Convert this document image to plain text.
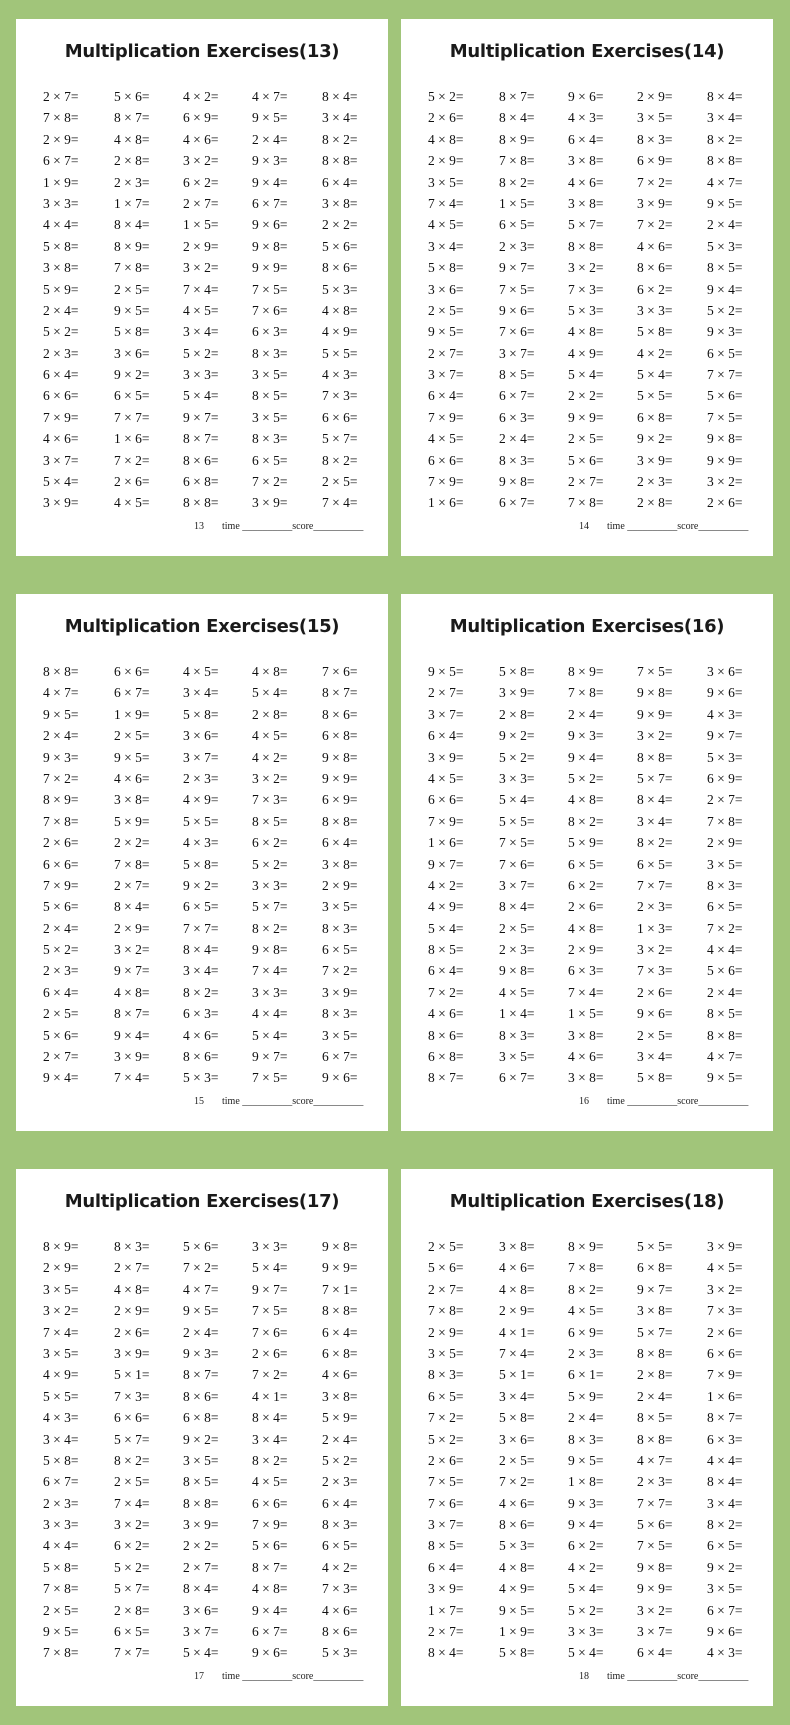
Multiplication Exercises(13)
2 × 7=	5 × 6= 4 × 2= 4 × 7=	8 × 4=
7 × 8=	8 × 7= 6 × 9= 9 × 5=	3 × 4=
2 × 9=	4 × 8= 4 × 6= 2 × 4=	8 × 2=
6 × 7=	2 × 8= 3 × 2= 9 × 3=	8 × 8=
1 × 9=	2 × 3= 6 × 2= 9 × 4=	6 × 4=
3 × 3=	1 × 7= 2 × 7= 6 × 7=	3 × 8=
4 × 4=	8 × 4= 1 × 5= 9 × 6=	2 × 2=
5 × 8=	8 × 9= 2 × 9= 9 × 8=	5 × 6=
3 × 8=	7 × 8= 3 × 2= 9 × 9=	8 × 6=
5 × 9=	2 × 5= 7 × 4= 7 × 5=	5 × 3=
2 × 4=	9 × 5= 4 × 5= 7 × 6=	4 × 8=
5 × 2=	5 × 8= 3 × 4= 6 × 3=	4 × 9=
2 × 3=	3 × 6= 5 × 2= 8 × 3=	5 × 5=
6 × 4=	9 × 2= 3 × 3= 3 × 5=	4 × 3=
6 × 6=	6 × 5= 5 × 4= 8 × 5=	7 × 3=
7 × 9=	7 × 7= 9 × 7= 3 × 5=	6 × 6=
4 × 6=	1 × 6= 8 × 7= 8 × 3=	5 × 7=
3 × 7=	7 × 2= 8 × 6= 6 × 5=	8 × 2=
5 × 4=	2 × 6= 6 × 8= 7 × 2=	2 × 5=
3 × 9=	4 × 5= 8 × 8= 3 × 9=	7 × 4=
13 time __________score__________
Multiplication Exercises(14)
5 × 2=	8 × 7= 9 × 6= 2 × 9=	8 × 4=
2 × 6=	8 × 4= 4 × 3= 3 × 5=	3 × 4=
4 × 8=	8 × 9= 6 × 4= 8 × 3=	8 × 2=
2 × 9=	7 × 8= 3 × 8= 6 × 9=	8 × 8=
3 × 5=	8 × 2= 4 × 6= 7 × 2=	4 × 7=
7 × 4=	1 × 5= 3 × 8= 3 × 9=	9 × 5=
4 × 5=	6 × 5= 5 × 7= 7 × 2=	2 × 4=
3 × 4=	2 × 3= 8 × 8= 4 × 6=	5 × 3=
5 × 8=	9 × 7= 3 × 2= 8 × 6=	8 × 5=
3 × 6=	7 × 5= 7 × 3= 6 × 2=	9 × 4=
2 × 5=	9 × 6= 5 × 3= 3 × 3=	5 × 2=
9 × 5=	7 × 6= 4 × 8= 5 × 8=	9 × 3=
2 × 7=	3 × 7= 4 × 9= 4 × 2=	6 × 5=
3 × 7=	8 × 5= 5 × 4= 5 × 4=	7 × 7=
6 × 4=	6 × 7= 2 × 2= 5 × 5=	5 × 6=
7 × 9=	6 × 3= 9 × 9= 6 × 8=	7 × 5=
4 × 5=	2 × 4= 2 × 5= 9 × 2=	9 × 8=
6 × 6=	8 × 3= 5 × 6= 3 × 9=	9 × 9=
7 × 9=	9 × 8= 2 × 7= 2 × 3=	3 × 2=
1 × 6=	6 × 7= 7 × 8= 2 × 8=	2 × 6=
14 time __________score__________
Multiplication Exercises(15)
8 × 8=	6 × 6= 4 × 5= 4 × 8=	7 × 6=
4 × 7=	6 × 7= 3 × 4= 5 × 4=	8 × 7=
9 × 5=	1 × 9= 5 × 8= 2 × 8=	8 × 6=
2 × 4=	2 × 5= 3 × 6= 4 × 5=	6 × 8=
9 × 3=	9 × 5= 3 × 7= 4 × 2=	9 × 8=
7 × 2=	4 × 6= 2 × 3= 3 × 2=	9 × 9=
8 × 9=	3 × 8= 4 × 9= 7 × 3=	6 × 9=
7 × 8=	5 × 9= 5 × 5= 8 × 5=	8 × 8=
2 × 6=	2 × 2= 4 × 3= 6 × 2=	6 × 4=
6 × 6=	7 × 8= 5 × 8= 5 × 2=	3 × 8=
7 × 9=	2 × 7= 9 × 2= 3 × 3=	2 × 9=
5 × 6=	8 × 4= 6 × 5= 5 × 7=	3 × 5=
2 × 4=	2 × 9= 7 × 7= 8 × 2=	8 × 3=
5 × 2=	3 × 2= 8 × 4= 9 × 8=	6 × 5=
2 × 3=	9 × 7= 3 × 4= 7 × 4=	7 × 2=
6 × 4=	4 × 8= 8 × 2= 3 × 3=	3 × 9=
2 × 5=	8 × 7= 6 × 3= 4 × 4=	8 × 3=
5 × 6=	9 × 4= 4 × 6= 5 × 4=	3 × 5=
2 × 7=	3 × 9= 8 × 6= 9 × 7=	6 × 7=
9 × 4=	7 × 4= 5 × 3= 7 × 5=	9 × 6=
15 time __________score__________
Multiplication Exercises(16)
9 × 5=	5 × 8= 8 × 9= 7 × 5=	3 × 6=
2 × 7=	3 × 9= 7 × 8= 9 × 8=	9 × 6=
3 × 7=	2 × 8= 2 × 4= 9 × 9=	4 × 3=
6 × 4=	9 × 2= 9 × 3= 3 × 2=	9 × 7=
3 × 9=	5 × 2= 9 × 4= 8 × 8=	5 × 3=
4 × 5=	3 × 3= 5 × 2= 5 × 7=	6 × 9=
6 × 6=	5 × 4= 4 × 8= 8 × 4=	2 × 7=
7 × 9=	5 × 5= 8 × 2= 3 × 4=	7 × 8=
1 × 6=	7 × 5= 5 × 9= 8 × 2=	2 × 9=
9 × 7=	7 × 6= 6 × 5= 6 × 5=	3 × 5=
4 × 2=	3 × 7= 6 × 2= 7 × 7=	8 × 3=
4 × 9=	8 × 4= 2 × 6= 2 × 3=	6 × 5=
5 × 4=	2 × 5= 4 × 8= 1 × 3=	7 × 2=
8 × 5=	2 × 3= 2 × 9= 3 × 2=	4 × 4=
6 × 4=	9 × 8= 6 × 3= 7 × 3=	5 × 6=
7 × 2=	4 × 5= 7 × 4= 2 × 6=	2 × 4=
4 × 6=	1 × 4= 1 × 5= 9 × 6=	8 × 5=
8 × 6=	8 × 3= 3 × 8= 2 × 5=	8 × 8=
6 × 8=	3 × 5= 4 × 6= 3 × 4=	4 × 7=
8 × 7=	6 × 7= 3 × 8= 5 × 8=	9 × 5=
16 time __________score__________
Multiplication Exercises(17)
8 × 9=	8 × 3= 5 × 6= 3 × 3=	9 × 8=
2 × 9=	2 × 7= 7 × 2= 5 × 4=	9 × 9=
3 × 5=	4 × 8= 4 × 7= 9 × 7=	7 × 1=
3 × 2=	2 × 9= 9 × 5= 7 × 5=	8 × 8=
7 × 4=	2 × 6= 2 × 4= 7 × 6=	6 × 4=
3 × 5=	3 × 9= 9 × 3= 2 × 6=	6 × 8=
4 × 9=	5 × 1= 8 × 7= 7 × 2=	4 × 6=
5 × 5=	7 × 3= 8 × 6= 4 × 1=	3 × 8=
4 × 3=	6 × 6= 6 × 8= 8 × 4=	5 × 9=
3 × 4=	5 × 7= 9 × 2= 3 × 4=	2 × 4=
5 × 8=	8 × 2= 3 × 5= 8 × 2=	5 × 2=
6 × 7=	2 × 5= 8 × 5= 4 × 5=	2 × 3=
2 × 3=	7 × 4= 8 × 8= 6 × 6=	6 × 4=
3 × 3=	3 × 2= 3 × 9= 7 × 9=	8 × 3=
4 × 4=	6 × 2= 2 × 2= 5 × 6=	6 × 5=
5 × 8=	5 × 2= 2 × 7= 8 × 7=	4 × 2=
7 × 8=	5 × 7= 8 × 4= 4 × 8=	7 × 3=
2 × 5=	2 × 8= 3 × 6= 9 × 4=	4 × 6=
9 × 5=	6 × 5= 3 × 7= 6 × 7=	8 × 6=
7 × 8=	7 × 7= 5 × 4= 9 × 6=	5 × 3=
17 time __________score__________
Multiplication Exercises(18)
2 × 5=	3 × 8= 8 × 9= 5 × 5=	3 × 9=
5 × 6=	4 × 6= 7 × 8= 6 × 8=	4 × 5=
2 × 7=	4 × 8= 8 × 2= 9 × 7=	3 × 2=
7 × 8=	2 × 9= 4 × 5= 3 × 8=	7 × 3=
2 × 9=	4 × 1= 6 × 9= 5 × 7=	2 × 6=
3 × 5=	7 × 4= 2 × 3= 8 × 8=	6 × 6=
8 × 3=	5 × 1= 6 × 1= 2 × 8=	7 × 9=
6 × 5=	3 × 4= 5 × 9= 2 × 4=	1 × 6=
7 × 2=	5 × 8= 2 × 4= 8 × 5=	8 × 7=
5 × 2=	3 × 6= 8 × 3= 8 × 8=	6 × 3=
2 × 6=	2 × 5= 9 × 5= 4 × 7=	4 × 4=
7 × 5=	7 × 2= 1 × 8= 2 × 3=	8 × 4=
7 × 6=	4 × 6= 9 × 3= 7 × 7=	3 × 4=
3 × 7=	8 × 6= 9 × 4= 5 × 6=	8 × 2=
8 × 5=	5 × 3= 6 × 2= 7 × 5=	6 × 5=
6 × 4=	4 × 8= 4 × 2= 9 × 8=	9 × 2=
3 × 9=	4 × 9= 5 × 4= 9 × 9=	3 × 5=
1 × 7=	9 × 5= 5 × 2= 3 × 2=	6 × 7=
2 × 7=	1 × 9= 3 × 3= 3 × 7=	9 × 6=
8 × 4=	5 × 8= 5 × 4= 6 × 4=	4 × 3=
18 time __________score__________
